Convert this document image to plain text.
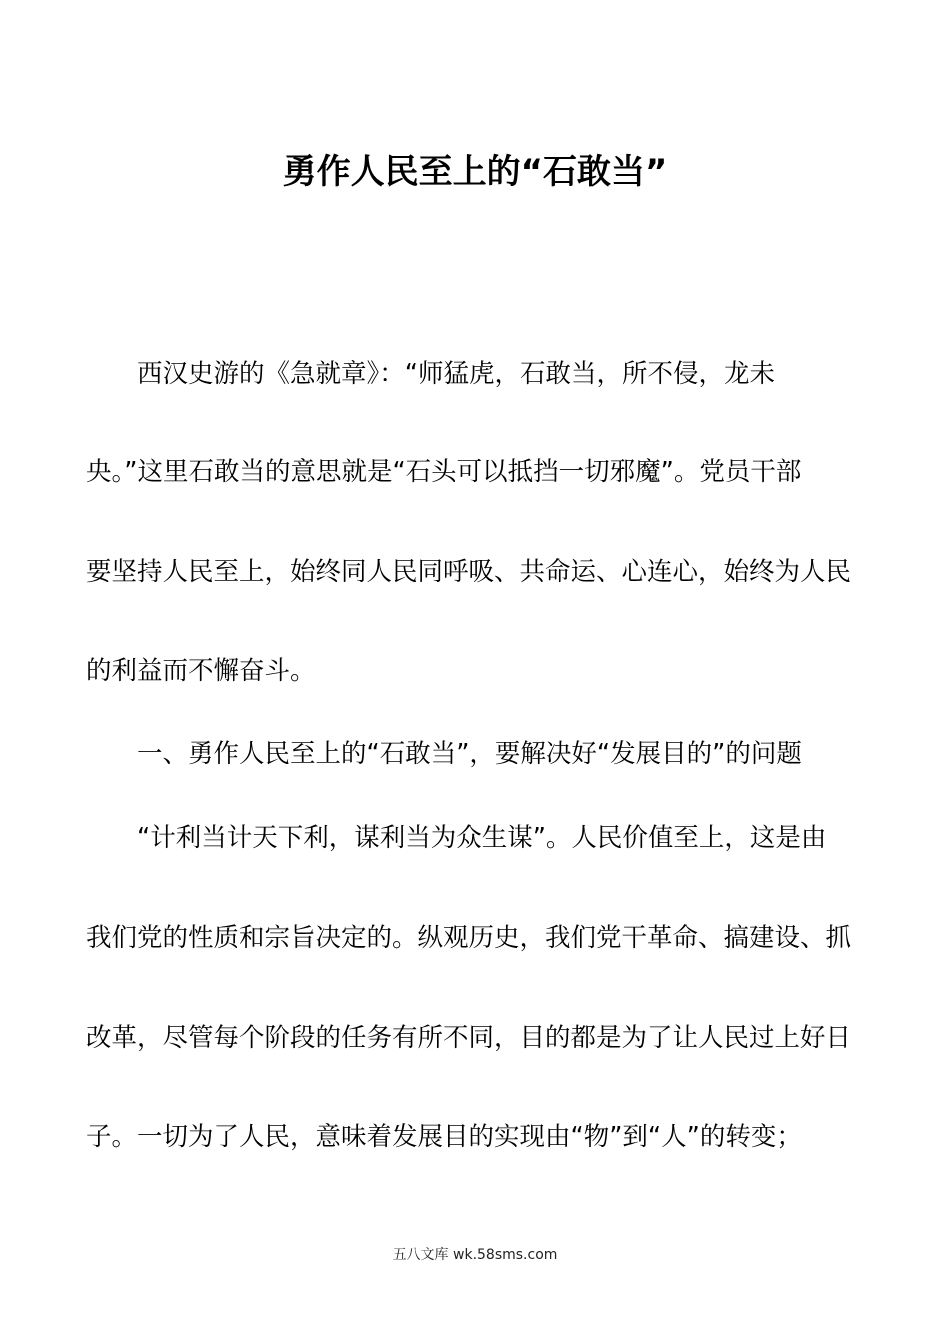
勇作人民至上的“石敢当”
　　西汉史游的《急就章》：“师猛虎，石敢当，所不侵，龙未
央。”这里石敢当的意思就是“石头可以抵挡一切邪魔”。党员干部
要坚持人民至上，始终同人民同呼吸、共命运、心连心，始终为人民
的利益而不懈奋斗。
　　一、勇作人民至上的“石敢当”，要解决好“发展目的”的问题
　　“计利当计天下利，谋利当为众生谋”。人民价值至上，这是由
我们党的性质和宗旨决定的。纵观历史，我们党干革命、搞建设、抓
改革，尽管每个阶段的任务有所不同，目的都是为了让人民过上好日
子。一切为了人民，意味着发展目的实现由“物”到“人”的转变；
五八文库 wk.58sms.com
